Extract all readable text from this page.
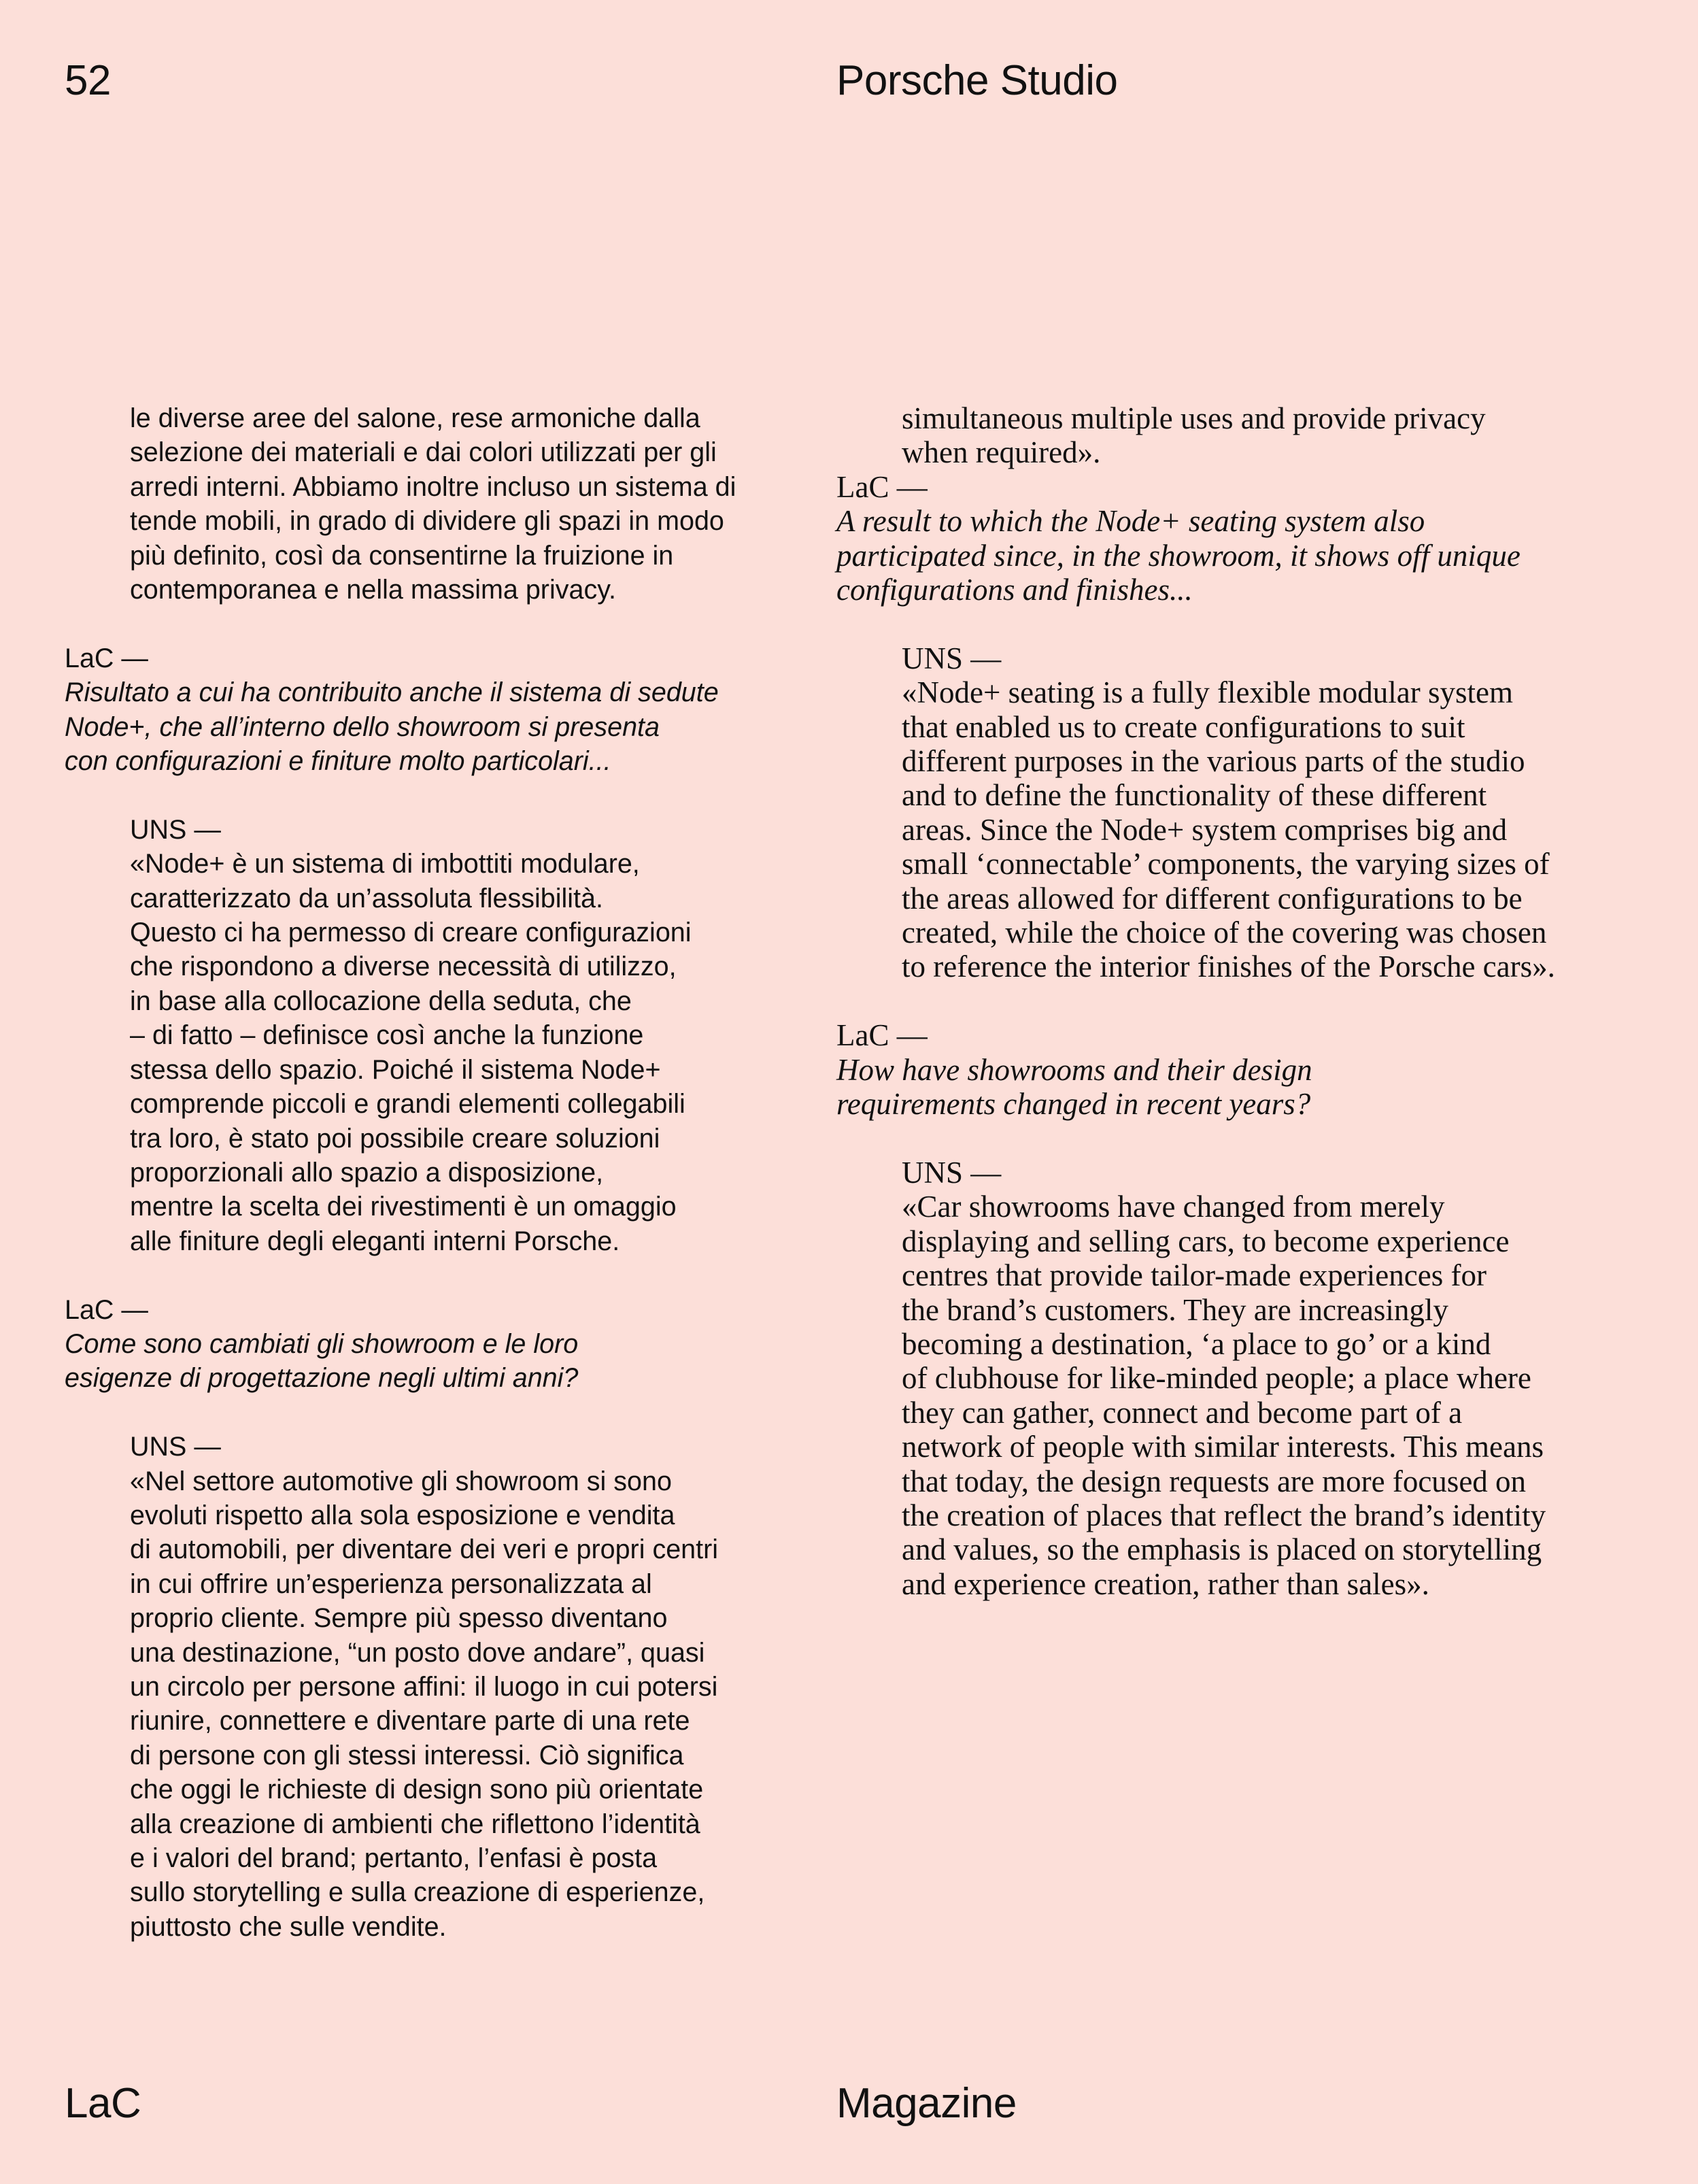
52	Porsche Studio
le diverse aree del salone, rese armoniche dalla
selezione dei materiali e dai colori utilizzati per gli
arredi interni. Abbiamo inoltre incluso un sistema di
tende mobili, in grado di dividere gli spazi in modo
più definito, così da consentirne la fruizione in
contemporanea e nella massima privacy.
LaC —
Risultato a cui ha contribuito anche il sistema di sedute
Node+, che all’interno dello showroom si presenta
con configurazioni e finiture molto particolari...
UNS —
«Node+ è un sistema di imbottiti modulare,
caratterizzato da un’assoluta flessibilità.
Questo ci ha permesso di creare configurazioni
che rispondono a diverse necessità di utilizzo,
in base alla collocazione della seduta, che
– di fatto – definisce così anche la funzione
stessa dello spazio. Poiché il sistema Node+
comprende piccoli e grandi elementi collegabili
tra loro, è stato poi possibile creare soluzioni
proporzionali allo spazio a disposizione,
mentre la scelta dei rivestimenti è un omaggio
alle finiture degli eleganti interni Porsche.
LaC —
Come sono cambiati gli showroom e le loro
esigenze di progettazione negli ultimi anni?
UNS —
«Nel settore automotive gli showroom si sono
evoluti rispetto alla sola esposizione e vendita
di automobili, per diventare dei veri e propri centri
in cui offrire un’esperienza personalizzata al
proprio cliente. Sempre più spesso diventano
una destinazione, “un posto dove andare”, quasi
un circolo per persone affini: il luogo in cui potersi
riunire, connettere e diventare parte di una rete
di persone con gli stessi interessi. Ciò significa
che oggi le richieste di design sono più orientate
alla creazione di ambienti che riflettono l’identità
e i valori del brand; pertanto, l’enfasi è posta
sullo storytelling e sulla creazione di esperienze,
piuttosto che sulle vendite.
simultaneous multiple uses and provide privacy
when required».
LaC —
A result to which the Node+ seating system also
participated since, in the showroom, it shows off unique
configurations and finishes...
UNS —
«Node+ seating is a fully flexible modular system
that enabled us to create configurations to suit
different purposes in the various parts of the studio
and to define the functionality of these different
areas. Since the Node+ system comprises big and
small ‘connectable’ components, the varying sizes of
the areas allowed for different configurations to be
created, while the choice of the covering was chosen
to reference the interior finishes of the Porsche cars».
LaC —
How have showrooms and their design
requirements changed in recent years?
UNS —
«Car showrooms have changed from merely
displaying and selling cars, to become experience
centres that provide tailor-made experiences for
the brand’s customers. They are increasingly
becoming a destination, ‘a place to go’ or a kind
of clubhouse for like-minded people; a place where
they can gather, connect and become part of a
network of people with similar interests. This means
that today, the design requests are more focused on
the creation of places that reflect the brand’s identity
and values, so the emphasis is placed on storytelling
and experience creation, rather than sales».
LaC	Magazine
